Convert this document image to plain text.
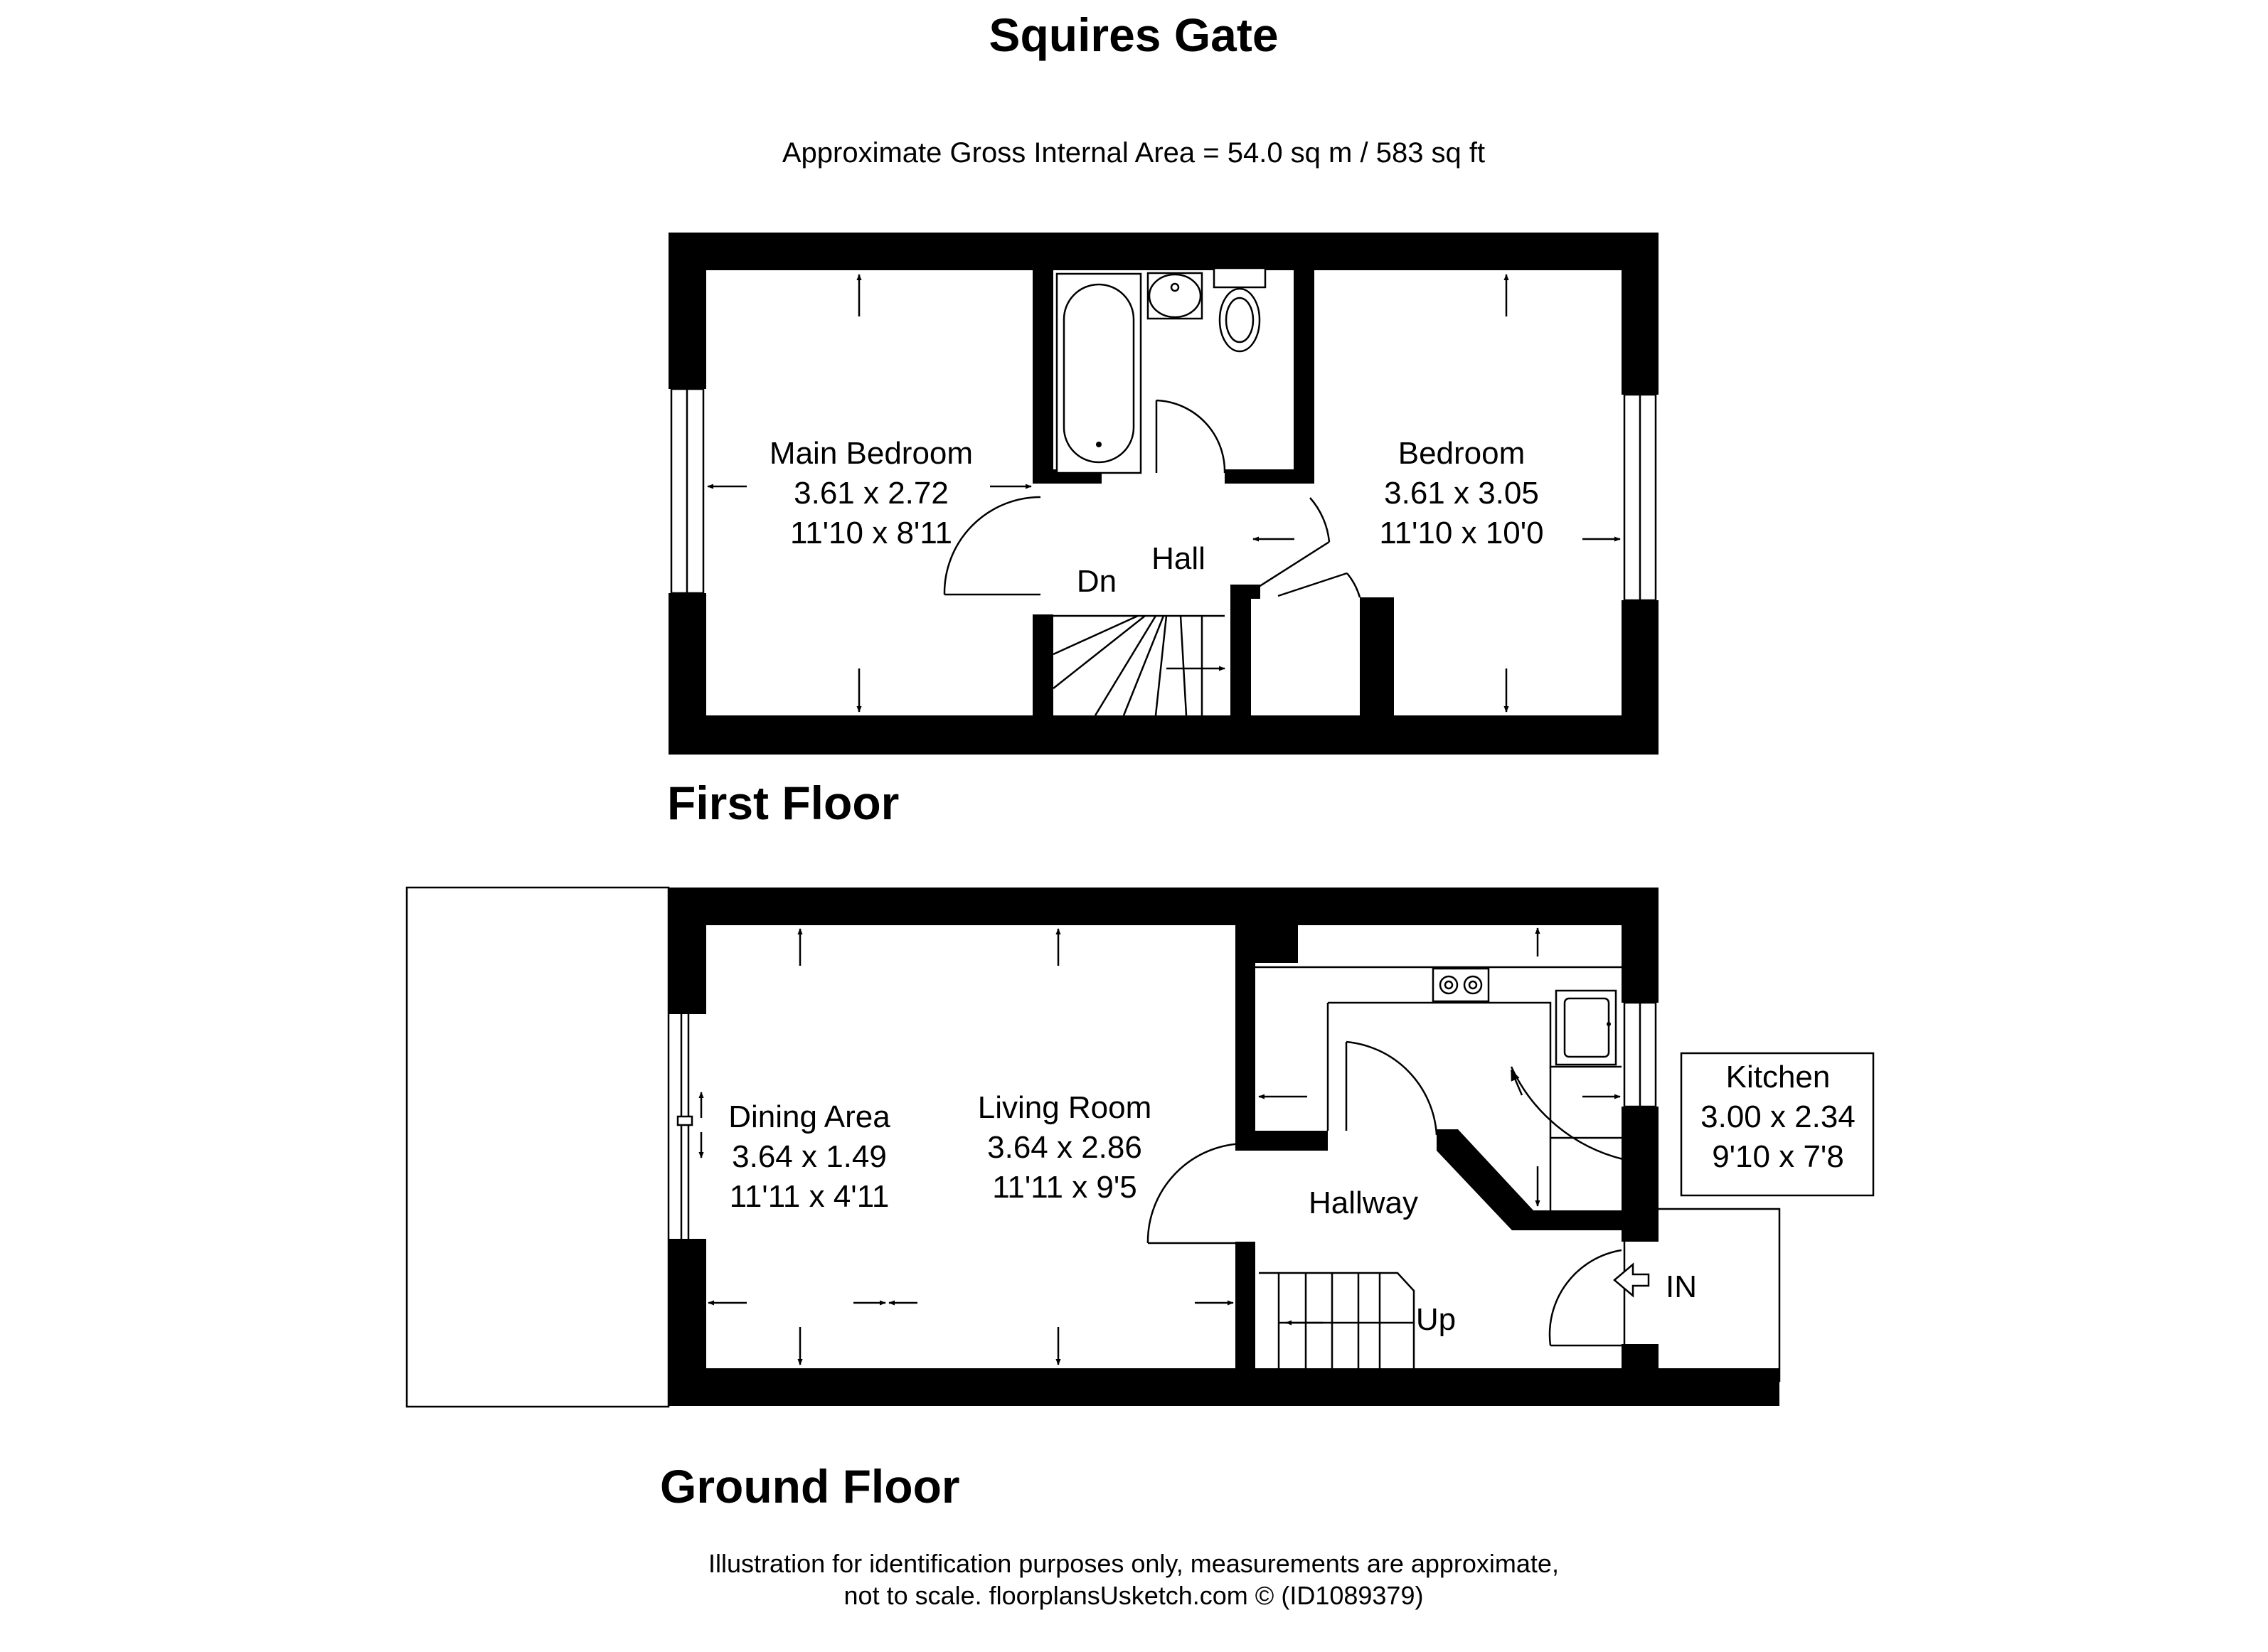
Squires Gate
Approximate Gross Internal Area = 54.0 sq m / 583 sq ft
Main Bedroom
3.61 x 2.72
11'10 x 8'11
Bedroom
3.61 x 3.05
11'10 x 10'0
Hall
Dn
First Floor
Dining Area
3.64 x 1.49
11'11 x 4'11
Living Room
3.64 x 2.86
11'11 x 9'5	Hallway
Up
IN
Kitchen
3.00 x 2.34
9'10 x 7'8
Ground Floor
Illustration for identification purposes only, measurements are approximate,
not to scale. floorplansUsketch.com © (ID1089379)
